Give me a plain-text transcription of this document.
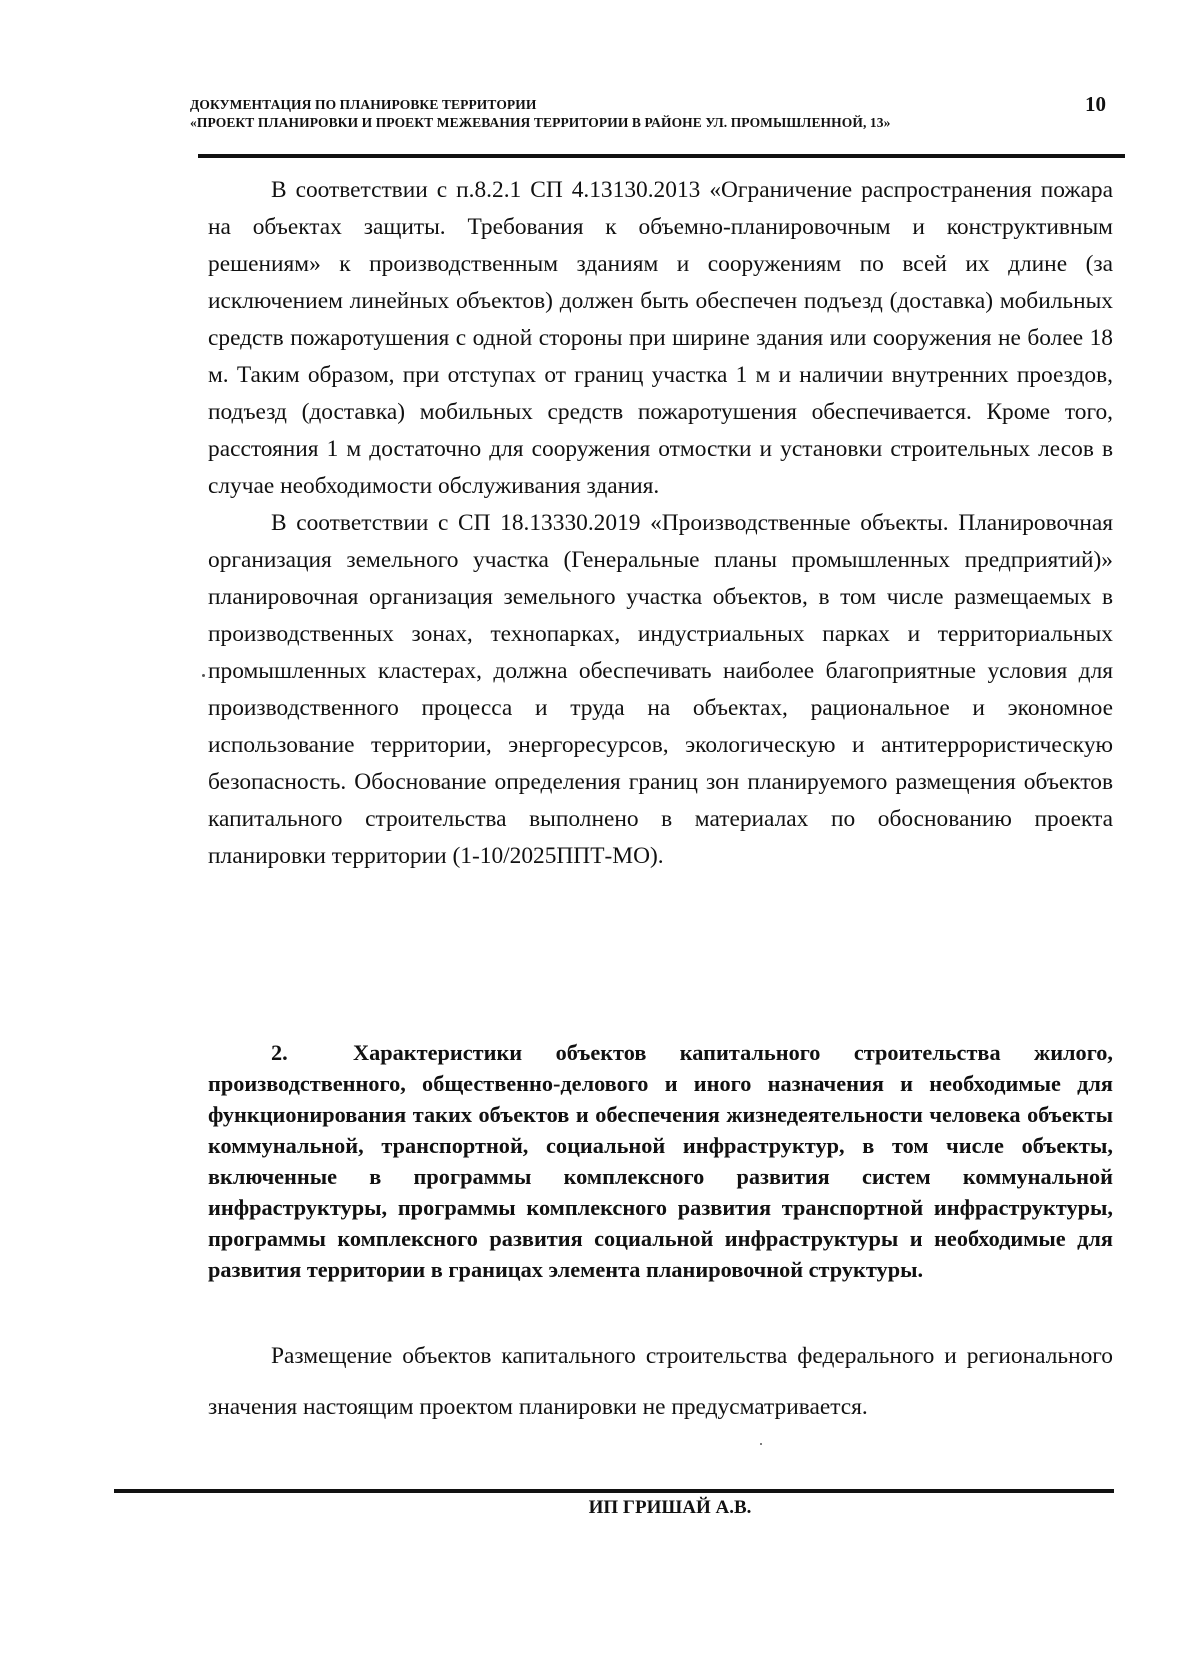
ДОКУМЕНТАЦИЯ ПО ПЛАНИРОВКЕ ТЕРРИТОРИИ
«ПРОЕКТ ПЛАНИРОВКИ И ПРОЕКТ МЕЖЕВАНИЯ ТЕРРИТОРИИ В РАЙОНЕ УЛ. ПРОМЫШЛЕННОЙ, 13»
10

В соответствии с п.8.2.1 СП 4.13130.2013 «Ограничение распространения пожара на объектах защиты. Требования к объемно-планировочным и конструктивным решениям» к производственным зданиям и сооружениям по всей их длине (за исключением линейных объектов) должен быть обеспечен подъезд (доставка) мобильных средств пожаротушения с одной стороны при ширине здания или сооружения не более 18 м. Таким образом, при отступах от границ участка 1 м и наличии внутренних проездов, подъезд (доставка) мобильных средств пожаротушения обеспечивается. Кроме того, расстояния 1 м достаточно для сооружения отмостки и установки строительных лесов в случае необходимости обслуживания здания.

В соответствии с СП 18.13330.2019 «Производственные объекты. Планировочная организация земельного участка (Генеральные планы промышленных предприятий)» планировочная организация земельного участка объектов, в том числе размещаемых в производственных зонах, технопарках, индустриальных парках и территориальных промышленных кластерах, должна обеспечивать наиболее благоприятные условия для производственного процесса и труда на объектах, рациональное и экономное использование территории, энергоресурсов, экологическую и антитеррористическую безопасность. Обоснование определения границ зон планируемого размещения объектов капитального строительства выполнено в материалах по обоснованию проекта планировки территории (1-10/2025ППТ-МО).

2.	Характеристики объектов капитального строительства жилого, производственного, общественно-делового и иного назначения и необходимые для функционирования таких объектов и обеспечения жизнедеятельности человека объекты коммунальной, транспортной, социальной инфраструктур, в том числе объекты, включенные в программы комплексного развития систем коммунальной инфраструктуры, программы комплексного развития транспортной инфраструктуры, программы комплексного развития социальной инфраструктуры и необходимые для развития территории в границах элемента планировочной структуры.

Размещение объектов капитального строительства федерального и регионального значения настоящим проектом планировки не предусматривается.

ИП ГРИШАЙ А.В.
